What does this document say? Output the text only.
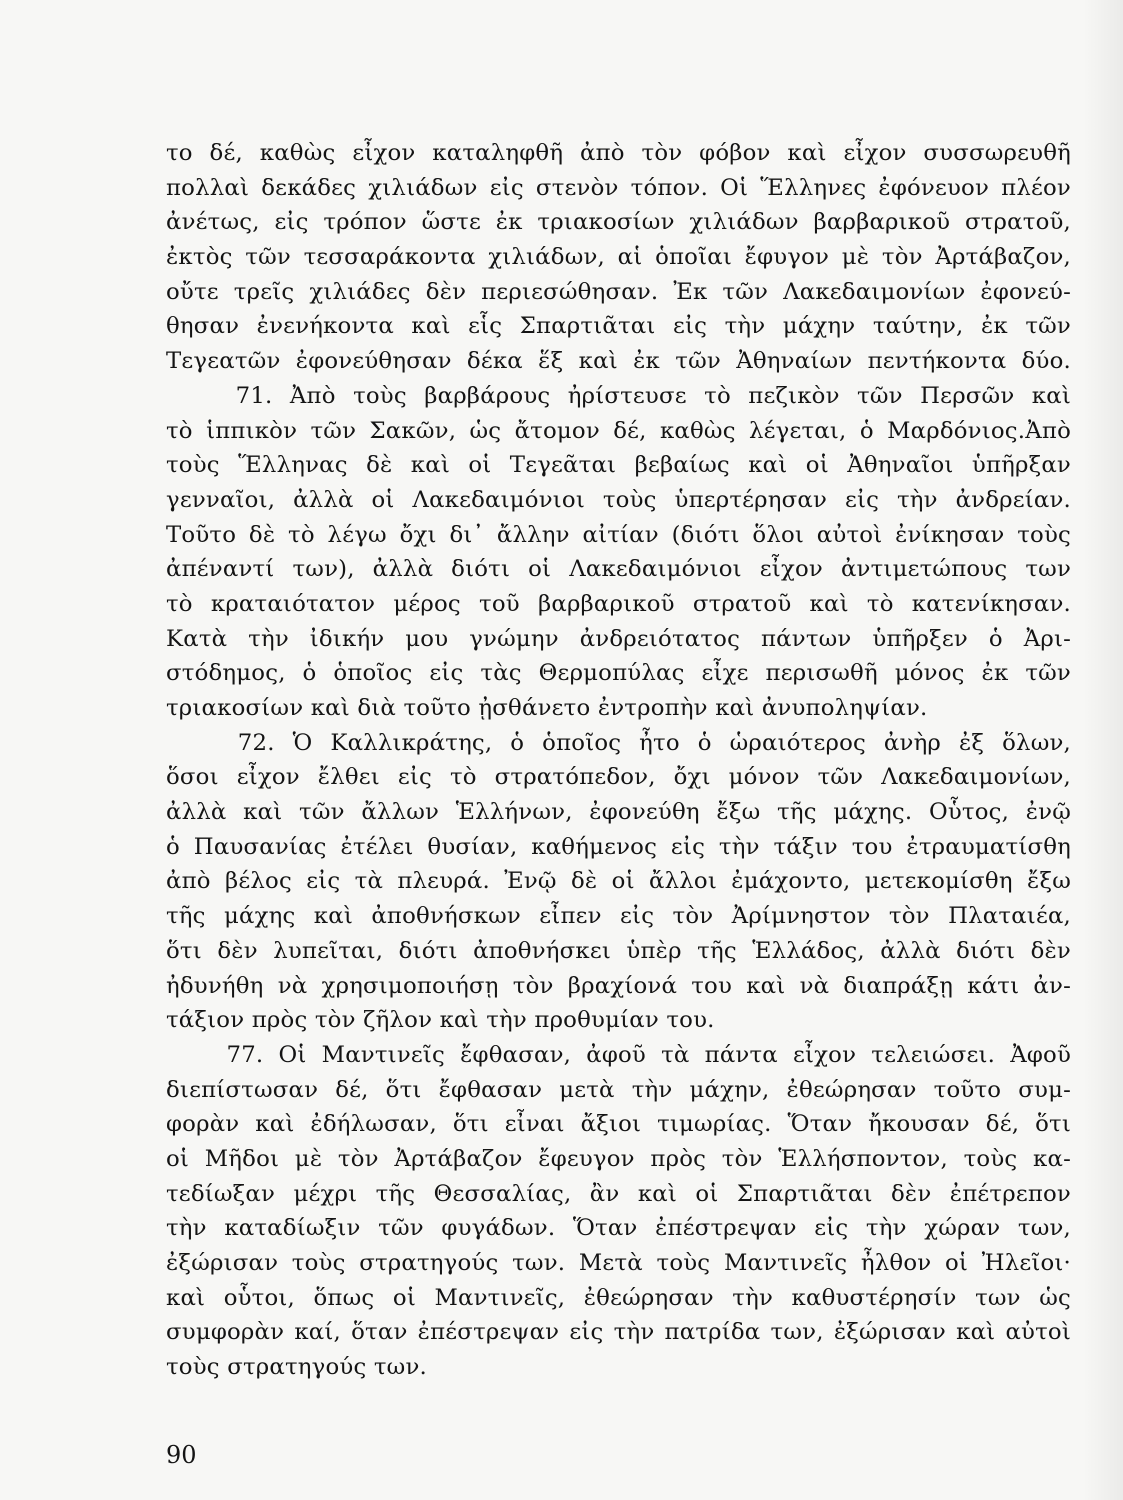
το δέ, καθὼς εἶχον καταληφθῆ ἀπὸ τὸν φόβον καὶ εἶχον συσσωρευθῆ
πολλαὶ δεκάδες χιλιάδων εἰς στενὸν τόπον. Οἱ Ἕλληνες ἐφόνευον πλέον
ἀνέτως, εἰς τρόπον ὥστε ἐκ τριακοσίων χιλιάδων βαρβαρικοῦ στρατοῦ,
ἐκτὸς τῶν τεσσαράκοντα χιλιάδων, αἱ ὁποῖαι ἔφυγον μὲ τὸν Ἀρτάβαζον,
οὔτε τρεῖς χιλιάδες δὲν περιεσώθησαν. Ἐκ τῶν Λακεδαιμονίων ἐφονεύ-
θησαν ἐνενήκοντα καὶ εἷς Σπαρτιᾶται εἰς τὴν μάχην ταύτην, ἐκ τῶν
Τεγεατῶν ἐφονεύθησαν δέκα ἕξ καὶ ἐκ τῶν Ἀθηναίων πεντήκοντα δύο.
71. Ἀπὸ τοὺς βαρβάρους ἠρίστευσε τὸ πεζικὸν τῶν Περσῶν καὶ
τὸ ἱππικὸν τῶν Σακῶν, ὡς ἄτομον δέ, καθὼς λέγεται, ὁ Μαρδόνιος.Ἀπὸ
τοὺς Ἕλληνας δὲ καὶ οἱ Τεγεᾶται βεβαίως καὶ οἱ Ἀθηναῖοι ὑπῆρξαν
γενναῖοι, ἀλλὰ οἱ Λακεδαιμόνιοι τοὺς ὑπερτέρησαν εἰς τὴν ἀνδρείαν.
Τοῦτο δὲ τὸ λέγω ὄχι δι᾽ ἄλλην αἰτίαν (διότι ὅλοι αὐτοὶ ἐνίκησαν τοὺς
ἀπέναντί των), ἀλλὰ διότι οἱ Λακεδαιμόνιοι εἶχον ἀντιμετώπους των
τὸ κραταιότατον μέρος τοῦ βαρβαρικοῦ στρατοῦ καὶ τὸ κατενίκησαν.
Κατὰ τὴν ἰδικήν μου γνώμην ἀνδρειότατος πάντων ὑπῆρξεν ὁ Ἀρι-
στόδημος, ὁ ὁποῖος εἰς τὰς Θερμοπύλας εἶχε περισωθῆ μόνος ἐκ τῶν
τριακοσίων καὶ διὰ τοῦτο ᾐσθάνετο ἐντροπὴν καὶ ἀνυποληψίαν.
72. Ὁ Καλλικράτης, ὁ ὁποῖος ἦτο ὁ ὡραιότερος ἀνὴρ ἐξ ὅλων,
ὅσοι εἶχον ἔλθει εἰς τὸ στρατόπεδον, ὄχι μόνον τῶν Λακεδαιμονίων,
ἀλλὰ καὶ τῶν ἄλλων Ἑλλήνων, ἐφονεύθη ἔξω τῆς μάχης. Οὗτος, ἐνῷ
ὁ Παυσανίας ἐτέλει θυσίαν, καθήμενος εἰς τὴν τάξιν του ἐτραυματίσθη
ἀπὸ βέλος εἰς τὰ πλευρά. Ἐνῷ δὲ οἱ ἄλλοι ἐμάχοντο, μετεκομίσθη ἔξω
τῆς μάχης καὶ ἀποθνήσκων εἶπεν εἰς τὸν Ἀρίμνηστον τὸν Πλαταιέα,
ὅτι δὲν λυπεῖται, διότι ἀποθνήσκει ὑπὲρ τῆς Ἑλλάδος, ἀλλὰ διότι δὲν
ἠδυνήθη νὰ χρησιμοποιήσῃ τὸν βραχίονά του καὶ νὰ διαπράξῃ κάτι ἀν-
τάξιον πρὸς τὸν ζῆλον καὶ τὴν προθυμίαν του.
77. Οἱ Μαντινεῖς ἔφθασαν, ἀφοῦ τὰ πάντα εἶχον τελειώσει. Ἀφοῦ
διεπίστωσαν δέ, ὅτι ἔφθασαν μετὰ τὴν μάχην, ἐθεώρησαν τοῦτο συμ-
φορὰν καὶ ἐδήλωσαν, ὅτι εἶναι ἄξιοι τιμωρίας. Ὅταν ἤκουσαν δέ, ὅτι
οἱ Μῆδοι μὲ τὸν Ἀρτάβαζον ἔφευγον πρὸς τὸν Ἑλλήσποντον, τοὺς κα-
τεδίωξαν μέχρι τῆς Θεσσαλίας, ἂν καὶ οἱ Σπαρτιᾶται δὲν ἐπέτρεπον
τὴν καταδίωξιν τῶν φυγάδων. Ὅταν ἐπέστρεψαν εἰς τὴν χώραν των,
ἐξώρισαν τοὺς στρατηγούς των. Μετὰ τοὺς Μαντινεῖς ἦλθον οἱ Ἠλεῖοι·
καὶ οὗτοι, ὅπως οἱ Μαντινεῖς, ἐθεώρησαν τὴν καθυστέρησίν των ὡς
συμφορὰν καί, ὅταν ἐπέστρεψαν εἰς τὴν πατρίδα των, ἐξώρισαν καὶ αὐτοὶ
τοὺς στρατηγούς των.
90
